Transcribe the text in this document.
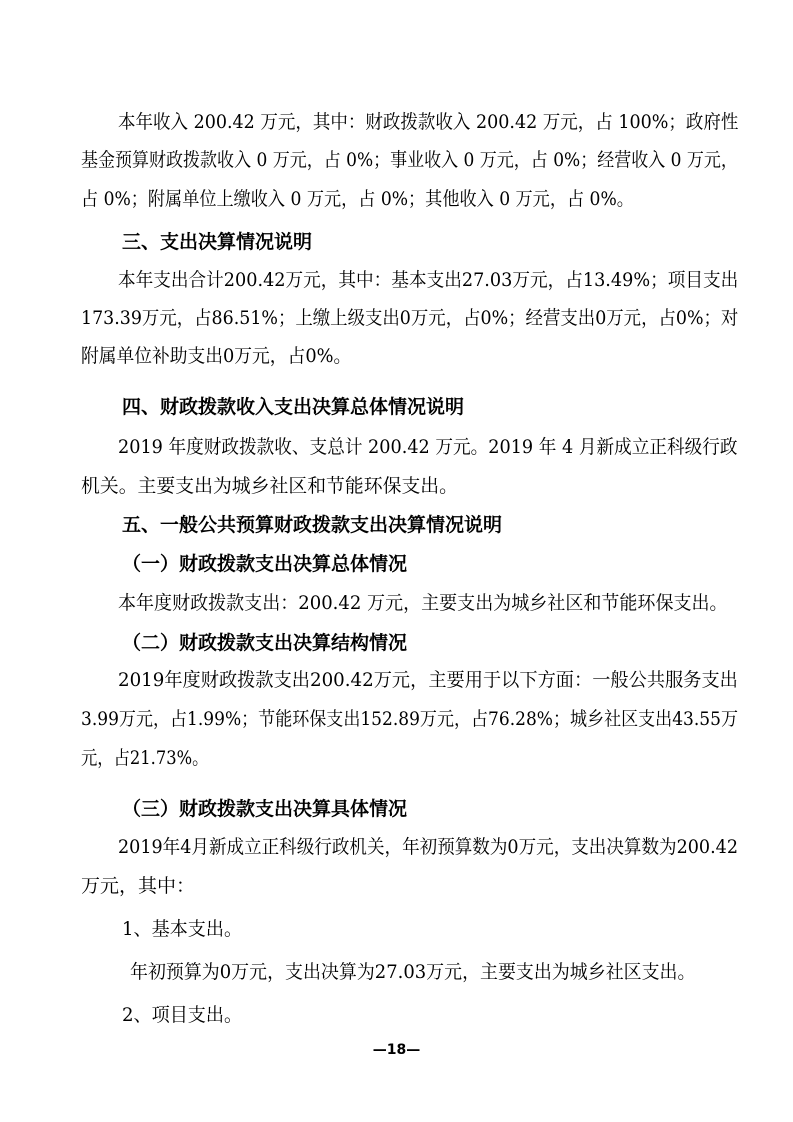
本年收入 200.42 万元，其中：财政拨款收入 200.42 万元，占 100%；政府性
基金预算财政拨款收入 0 万元，占 0%；事业收入 0 万元，占 0%；经营收入 0 万元，
占 0%；附属单位上缴收入 0 万元，占 0%；其他收入 0 万元，占 0%。
三、支出决算情况说明
本年支出合计200.42万元，其中：基本支出27.03万元，占13.49%；项目支出
173.39万元，占86.51%；上缴上级支出0万元，占0%；经营支出0万元，占0%；对
附属单位补助支出0万元，占0%。
四、财政拨款收入支出决算总体情况说明
2019 年度财政拨款收、支总计 200.42 万元。2019 年 4 月新成立正科级行政
机关。主要支出为城乡社区和节能环保支出。
五、一般公共预算财政拨款支出决算情况说明
（一）财政拨款支出决算总体情况
本年度财政拨款支出：200.42 万元，主要支出为城乡社区和节能环保支出。
（二）财政拨款支出决算结构情况
2019年度财政拨款支出200.42万元，主要用于以下方面：一般公共服务支出
3.99万元，占1.99%；节能环保支出152.89万元，占76.28%；城乡社区支出43.55万
元，占21.73%。
（三）财政拨款支出决算具体情况
2019年4月新成立正科级行政机关，年初预算数为0万元，支出决算数为200.42
万元，其中：
1、基本支出。
年初预算为0万元，支出决算为27.03万元，主要支出为城乡社区支出。
2、项目支出。
—18—
